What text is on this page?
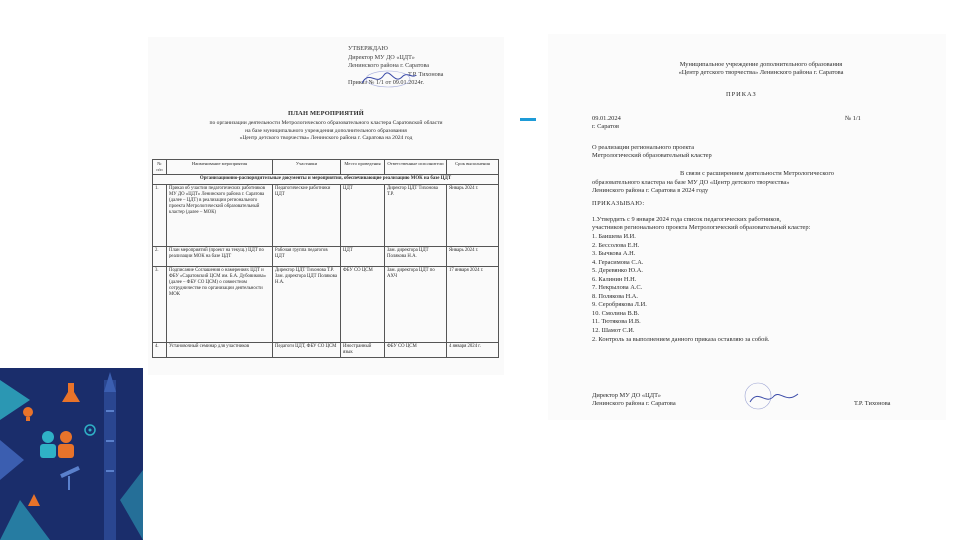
УТВЕРЖДАЮ
Директор МУ ДО «ЦДТ»
Ленинского района г. Саратова
Т.Р. Тихонова
Приказ № 1/1 от 09.01.2024г.
ПЛАН МЕРОПРИЯТИЙ
по организации деятельности Метрологического образовательного кластера Саратовской области
на базе муниципального учреждения дополнительного образования
«Центр детского творчества» Ленинского района г. Саратова на 2024 год
№ п/п	Наименование мероприятия	Участники	Место проведения	Ответственные исполнители	Срок выполнения
Организационно-распорядительные документы и мероприятия, обеспечивающие реализацию МОК на базе ЦДТ					
1.	Приказ об участии педагогических работников МУ ДО «ЦДТ» Ленинского района г. Саратова (далее – ЦДТ) в реализации регионального проекта Метрологический образовательный кластер (далее – МОК)	Педагогические работники ЦДТ	ЦДТ	Директор ЦДТ Тихонова Т.Р.	Январь 2024 г.
2.	План мероприятий (проект на текущ.) ЦДТ по реализации МОК на базе ЦДТ	Рабочая группа педагогов ЦДТ	ЦДТ	Зам. директора ЦДТ Полякова Н.А.	Январь 2024 г.
3.	Подписание Соглашения о намерениях ЦДТ и ФБУ «Саратовский ЦСМ им. Б.А. Дубовикова» (далее – ФБУ СО ЦСМ) о совместном сотрудничестве по организации деятельности МОК	Директор ЦДТ Тихонова Т.Р. Зам. директора ЦДТ Полякова Н.А.	ФБУ СО ЦСМ	Зам. директора ЦДТ по АХЧ	17 января 2024 г.
4.	Установочный семинар для участников	Педагоги ЦДТ, ФБУ СО ЦСМ	Иностранный язык	ФБУ СО ЦСМ	4 января 2024 г.
Муниципальное учреждение дополнительного образования
«Центр детского творчества» Ленинского района г. Саратова
ПРИКАЗ
09.01.2024	№ 1/1
г. Саратов
О реализации регионального проекта
Метрологический образовательный кластер
В связи с расширением деятельности Метрологического
образовательного кластера на базе МУ ДО «Центр детского творчества»
Ленинского района г. Саратова в 2024 году
ПРИКАЗЫВАЮ:
1.Утвердить с 9 января 2024 года список педагогических работников,
участников регионального проекта Метрологический образовательный кластер:
1. Баишева И.И.
2. Бессолова Е.Н.
3. Бычкова А.Н.
4. Герасимова С.А.
5. Деревянко Ю.А.
6. Калинин Н.Н.
7. Некрылова А.С.
8. Полякова Н.А.
9. Серобрякова Л.И.
10. Смолина В.В.
11. Тютякова И.В.
12. Шамот С.И.
2. Контроль за выполнением данного приказа оставляю за собой.
Директор МУ ДО «ЦДТ»
Ленинского района г. Саратова	Т.Р. Тихонова
